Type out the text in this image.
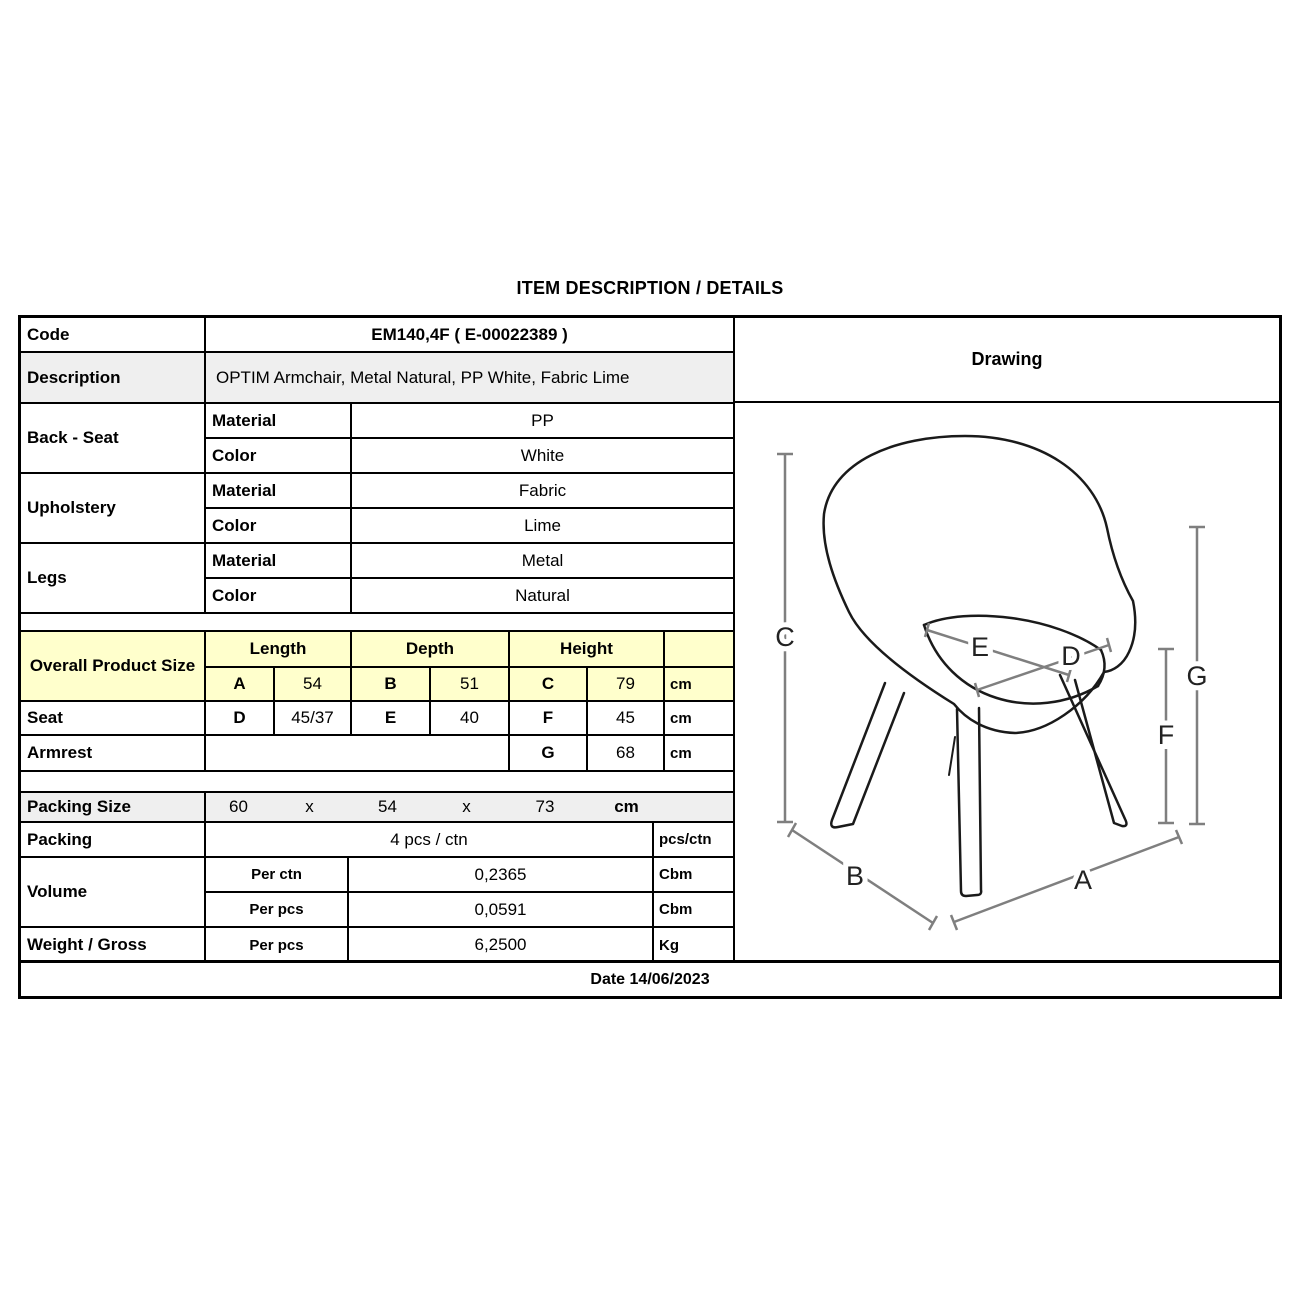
ITEM DESCRIPTION / DETAILS
Code	EM140,4F ( E-00022389 )						
Description	OPTIM Armchair, Metal Natural, PP White, Fabric Lime						
Back - Seat	Material		PP				
	Color		White				
Upholstery	Material		Fabric				
	Color		Lime				
Legs	Material		Metal				
	Color		Natural				

Overall Product Size	Length		Depth		Height		
	A	54	B	51	C	79	cm
Seat	D	45/37	E	40	F	45	cm
Armrest					G	68	cm

Packing Size	60	x	54	x	73	cm

Packing	4 pcs / ctn		pcs/ctn
Volume	Per ctn	0,2365	Cbm
	Per pcs	0,0591	Cbm
Weight / Gross	Per pcs	6,2500	Kg
Drawing
C
G
F
E	D
B	A
Date 14/06/2023
